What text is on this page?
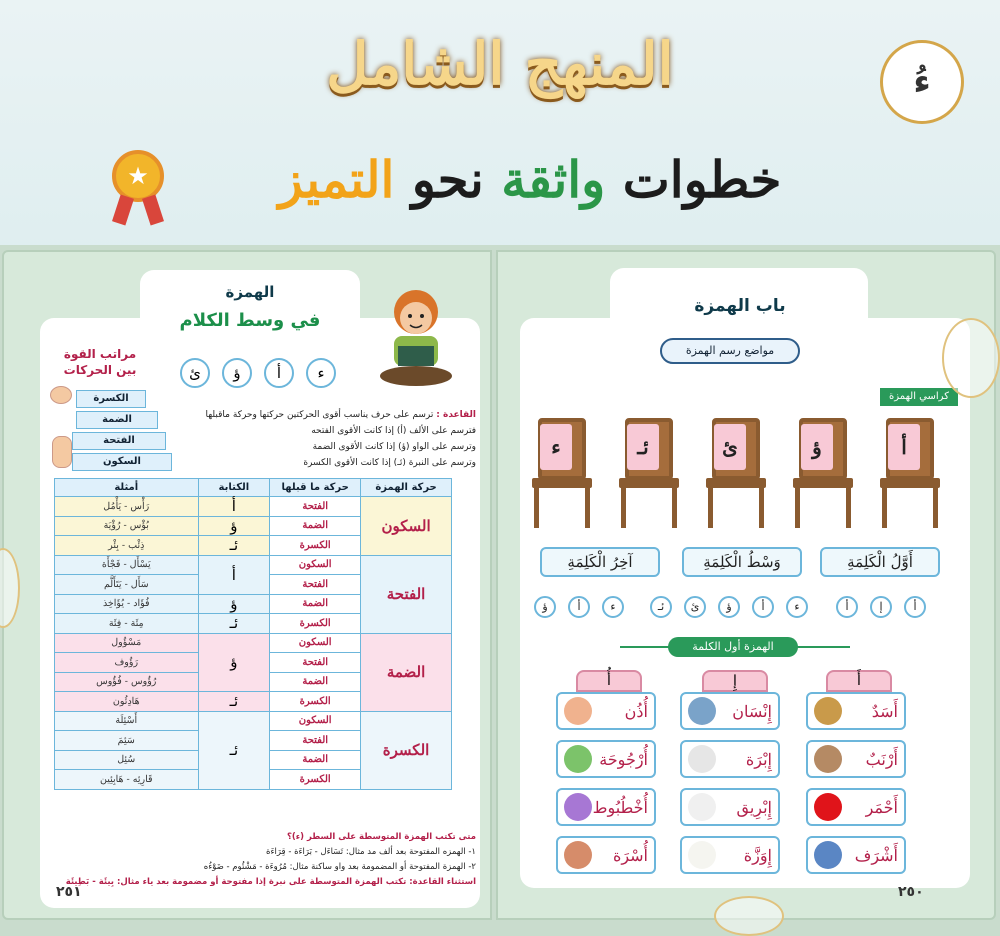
المنهج الشامل
خطوات واثقة نحو التميز
ءُ
★
باب الهمزة
مواضع رسم الهمزة
كراسي الهمزة
أ
ؤ
ئ
ئـ
ء
أَوَّلُ الْكَلِمَةِ
وَسْطُ الْكَلِمَةِ
آخِرُ الْكَلِمَةِ
أ
إ
أ
ء
أ
ؤ
ئ
ئـ
ء
أ
ؤ
الهمزة أول الكلمة
أَ
إِ
أُ
أَسَدٌ
أَرْنَبٌ
أَحْمَر
أَشْرَف
إِنْسَان
إِبْرَة
إِبْرِيق
إِوَزَّة
أُذُن
أُرْجُوحَة
أُخْطُبُوط
أُسْرَة
٢٥٠
الهمزة
في وسط الكلام
ء
أ
ؤ
ئ
مراتب القوة
بين الحركات
الكسرة
الضمة
الفتحة
السكون
القاعدة : ترسم على حرف يناسب أقوى الحركتين حركتها وحركة ماقبلها
فترسم على الألف (أ) إذا كانت الأقوى الفتحه
وترسم على الواو (ؤ) إذا كانت الأقوى الضمة
وترسم على النبرة (ئـ) إذا كانت الأقوى الكسرة
حركة الهمزة	حركة ما قبلها	الكتابة	أمثلة
السكون	الفتحة	أ	رَأْس - يَأْمُل
	الضمة	ؤ	بُؤْس - رُؤْيَة
	الكسرة	ئـ	ذِئْب - بِئْر
الفتحة	السكون	أ	يَسْأَل - فَجْأَة
	الفتحة		سَأَل - يَتَأَلَّم
	الضمة	ؤ	فُؤَاد - يُؤَاخِذ
	الكسرة	ئـ	مِئَة - فِئَة
الضمة	السكون	ؤ	مَسْؤُول
	الفتحة		رَؤُوف
	الضمة		رُؤُوس - فُؤُوس
	الكسرة	ئـ	هَادِئُون
الكسرة	السكون	ئـ	أَسْئِلَة
	الفتحة		سَئِمَ
	الضمة		سُئِل
	الكسرة		قَارِئِه - هَابِئِين
متى تكتب الهمزة المتوسطة على السطر (ء)؟
١- الهمزه المفتوحة بعد ألف مد مثال: تَسَاءَل - بَرَاءَة - قِرَاءَة
٢- الهمزة المفتوحة أو المضمومة بعد واو ساكنة مثال: مُرُوءَة - مَشْئُوم - ضَوْءُه
استثناء القاعدة: تكتب الهمزة المتوسطة على نبرة إذا مفتوحة أو مضمومة بعد ياء مثال: بِيئَة - بَطِيئَة
٢٥١
